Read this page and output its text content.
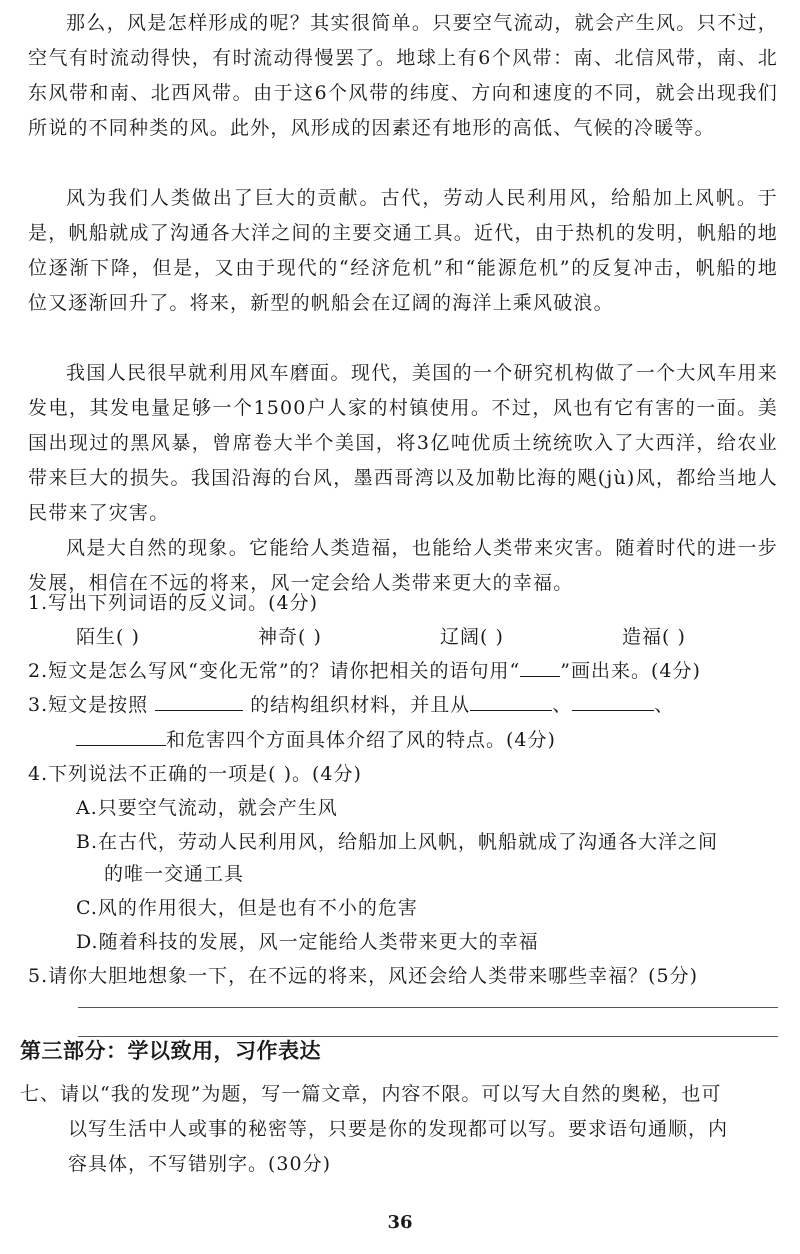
那么，风是怎样形成的呢？其实很简单。只要空气流动，就会产生风。只不过，空气有时流动得快，有时流动得慢罢了。地球上有6个风带：南、北信风带，南、北东风带和南、北西风带。由于这6个风带的纬度、方向和速度的不同，就会出现我们所说的不同种类的风。此外，风形成的因素还有地形的高低、气候的冷暖等。

风为我们人类做出了巨大的贡献。古代，劳动人民利用风，给船加上风帆。于是，帆船就成了沟通各大洋之间的主要交通工具。近代，由于热机的发明，帆船的地位逐渐下降，但是，又由于现代的“经济危机”和“能源危机”的反复冲击，帆船的地位又逐渐回升了。将来，新型的帆船会在辽阔的海洋上乘风破浪。

我国人民很早就利用风车磨面。现代，美国的一个研究机构做了一个大风车用来发电，其发电量足够一个1500户人家的村镇使用。不过，风也有它有害的一面。美国出现过的黑风暴，曾席卷大半个美国，将3亿吨优质土统统吹入了大西洋，给农业带来巨大的损失。我国沿海的台风，墨西哥湾以及加勒比海的飓(jù)风，都给当地人民带来了灾害。

风是大自然的现象。它能给人类造福，也能给人类带来灾害。随着时代的进一步发展，相信在不远的将来，风一定会给人类带来更大的幸福。

1.写出下列词语的反义词。(4分)

陌生( )	神奇( )	辽阔( )	造福( )

2.短文是怎么写风“变化无常”的？请你把相关的语句用“ ”画出来。(4分)

3.短文是按照	的结构组织材料，并且从	、	、

和危害四个方面具体介绍了风的特点。(4分)

4.下列说法不正确的一项是( )。(4分)

A.只要空气流动，就会产生风

B.在古代，劳动人民利用风，给船加上风帆，帆船就成了沟通各大洋之间

的唯一交通工具

C.风的作用很大，但是也有不小的危害

D.随着科技的发展，风一定能给人类带来更大的幸福

5.请你大胆地想象一下，在不远的将来，风还会给人类带来哪些幸福？(5分)

第三部分：学以致用，习作表达

七、请以“我的发现”为题，写一篇文章，内容不限。可以写大自然的奥秘，也可

以写生活中人或事的秘密等，只要是你的发现都可以写。要求语句通顺，内

容具体，不写错别字。(30分)

36
